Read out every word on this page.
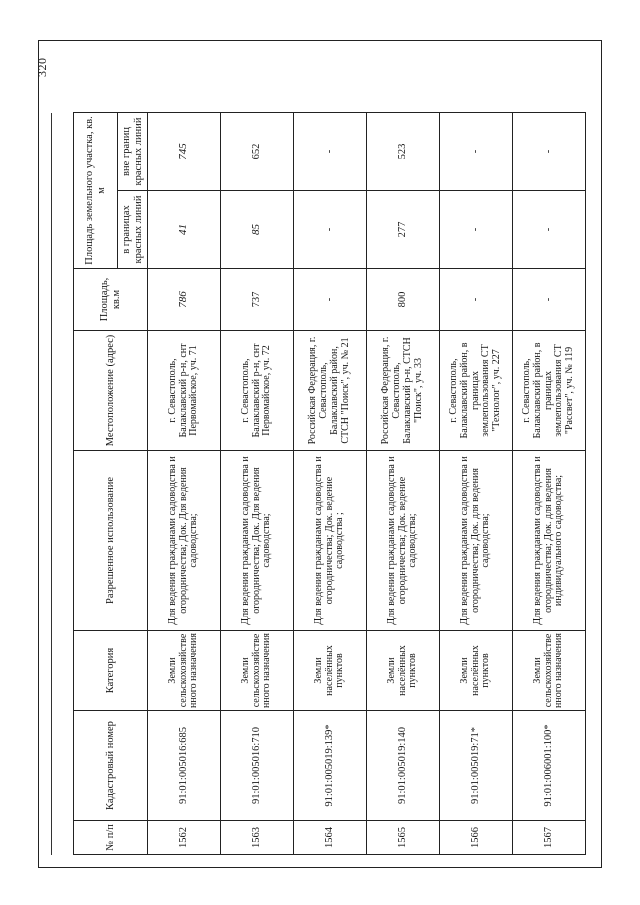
320
№ п/п	Кадастровый номер	Категория	Разрешенное использование	Местоположение (адрес)	Площадь, кв.м	Площадь земельного участка, кв. м	
						в границах красных линий	вне границ красных линий
1562	91:01:005016:685	Земли сельскохозяйстве нного назначения	Для ведения гражданами садоводства и огородничества; Док. Для ведения садоводства;	г. Севастополь, Балаклавский р-н, снт Первомайское, уч. 71	786	41	745
1563	91:01:005016:710	Земли сельскохозяйстве нного назначения	Для ведения гражданами садоводства и огородничества; Док. Для ведения садоводства;	г. Севастополь, Балаклавский р-н, снт Первомайское, уч. 72	737	85	652
1564	91:01:005019:139*	Земли населённых пунктов	Для ведения гражданами садоводства и огородничества; Док. ведение садоводства ;	Российская Федерация, г. Севастополь, Балаклавский район, СТСН "Поиск", уч. № 21	-	-	-
1565	91:01:005019:140	Земли населённых пунктов	Для ведения гражданами садоводства и огородничества; Док. ведение садоводства;	Российская Федерация, г. Севастополь, Балаклавский р-н, СТСН "Поиск", уч. 33	800	277	523
1566	91:01:005019:71*	Земли населённых пунктов	Для ведения гражданами садоводства и огородничества; Док. для ведения садоводства;	г. Севастополь, Балаклавский район, в границах землепользования СТ "Технолог", уч. 227	-	-	-
1567	91:01:006001:100*	Земли сельскохозяйстве нного назначения	Для ведения гражданами садоводства и огородничества; Док. для ведения индивидуального садоводства;	г. Севастополь, Балаклавский район, в границах землепользования СТ "Рассвет", уч. № 119	-	-	-
